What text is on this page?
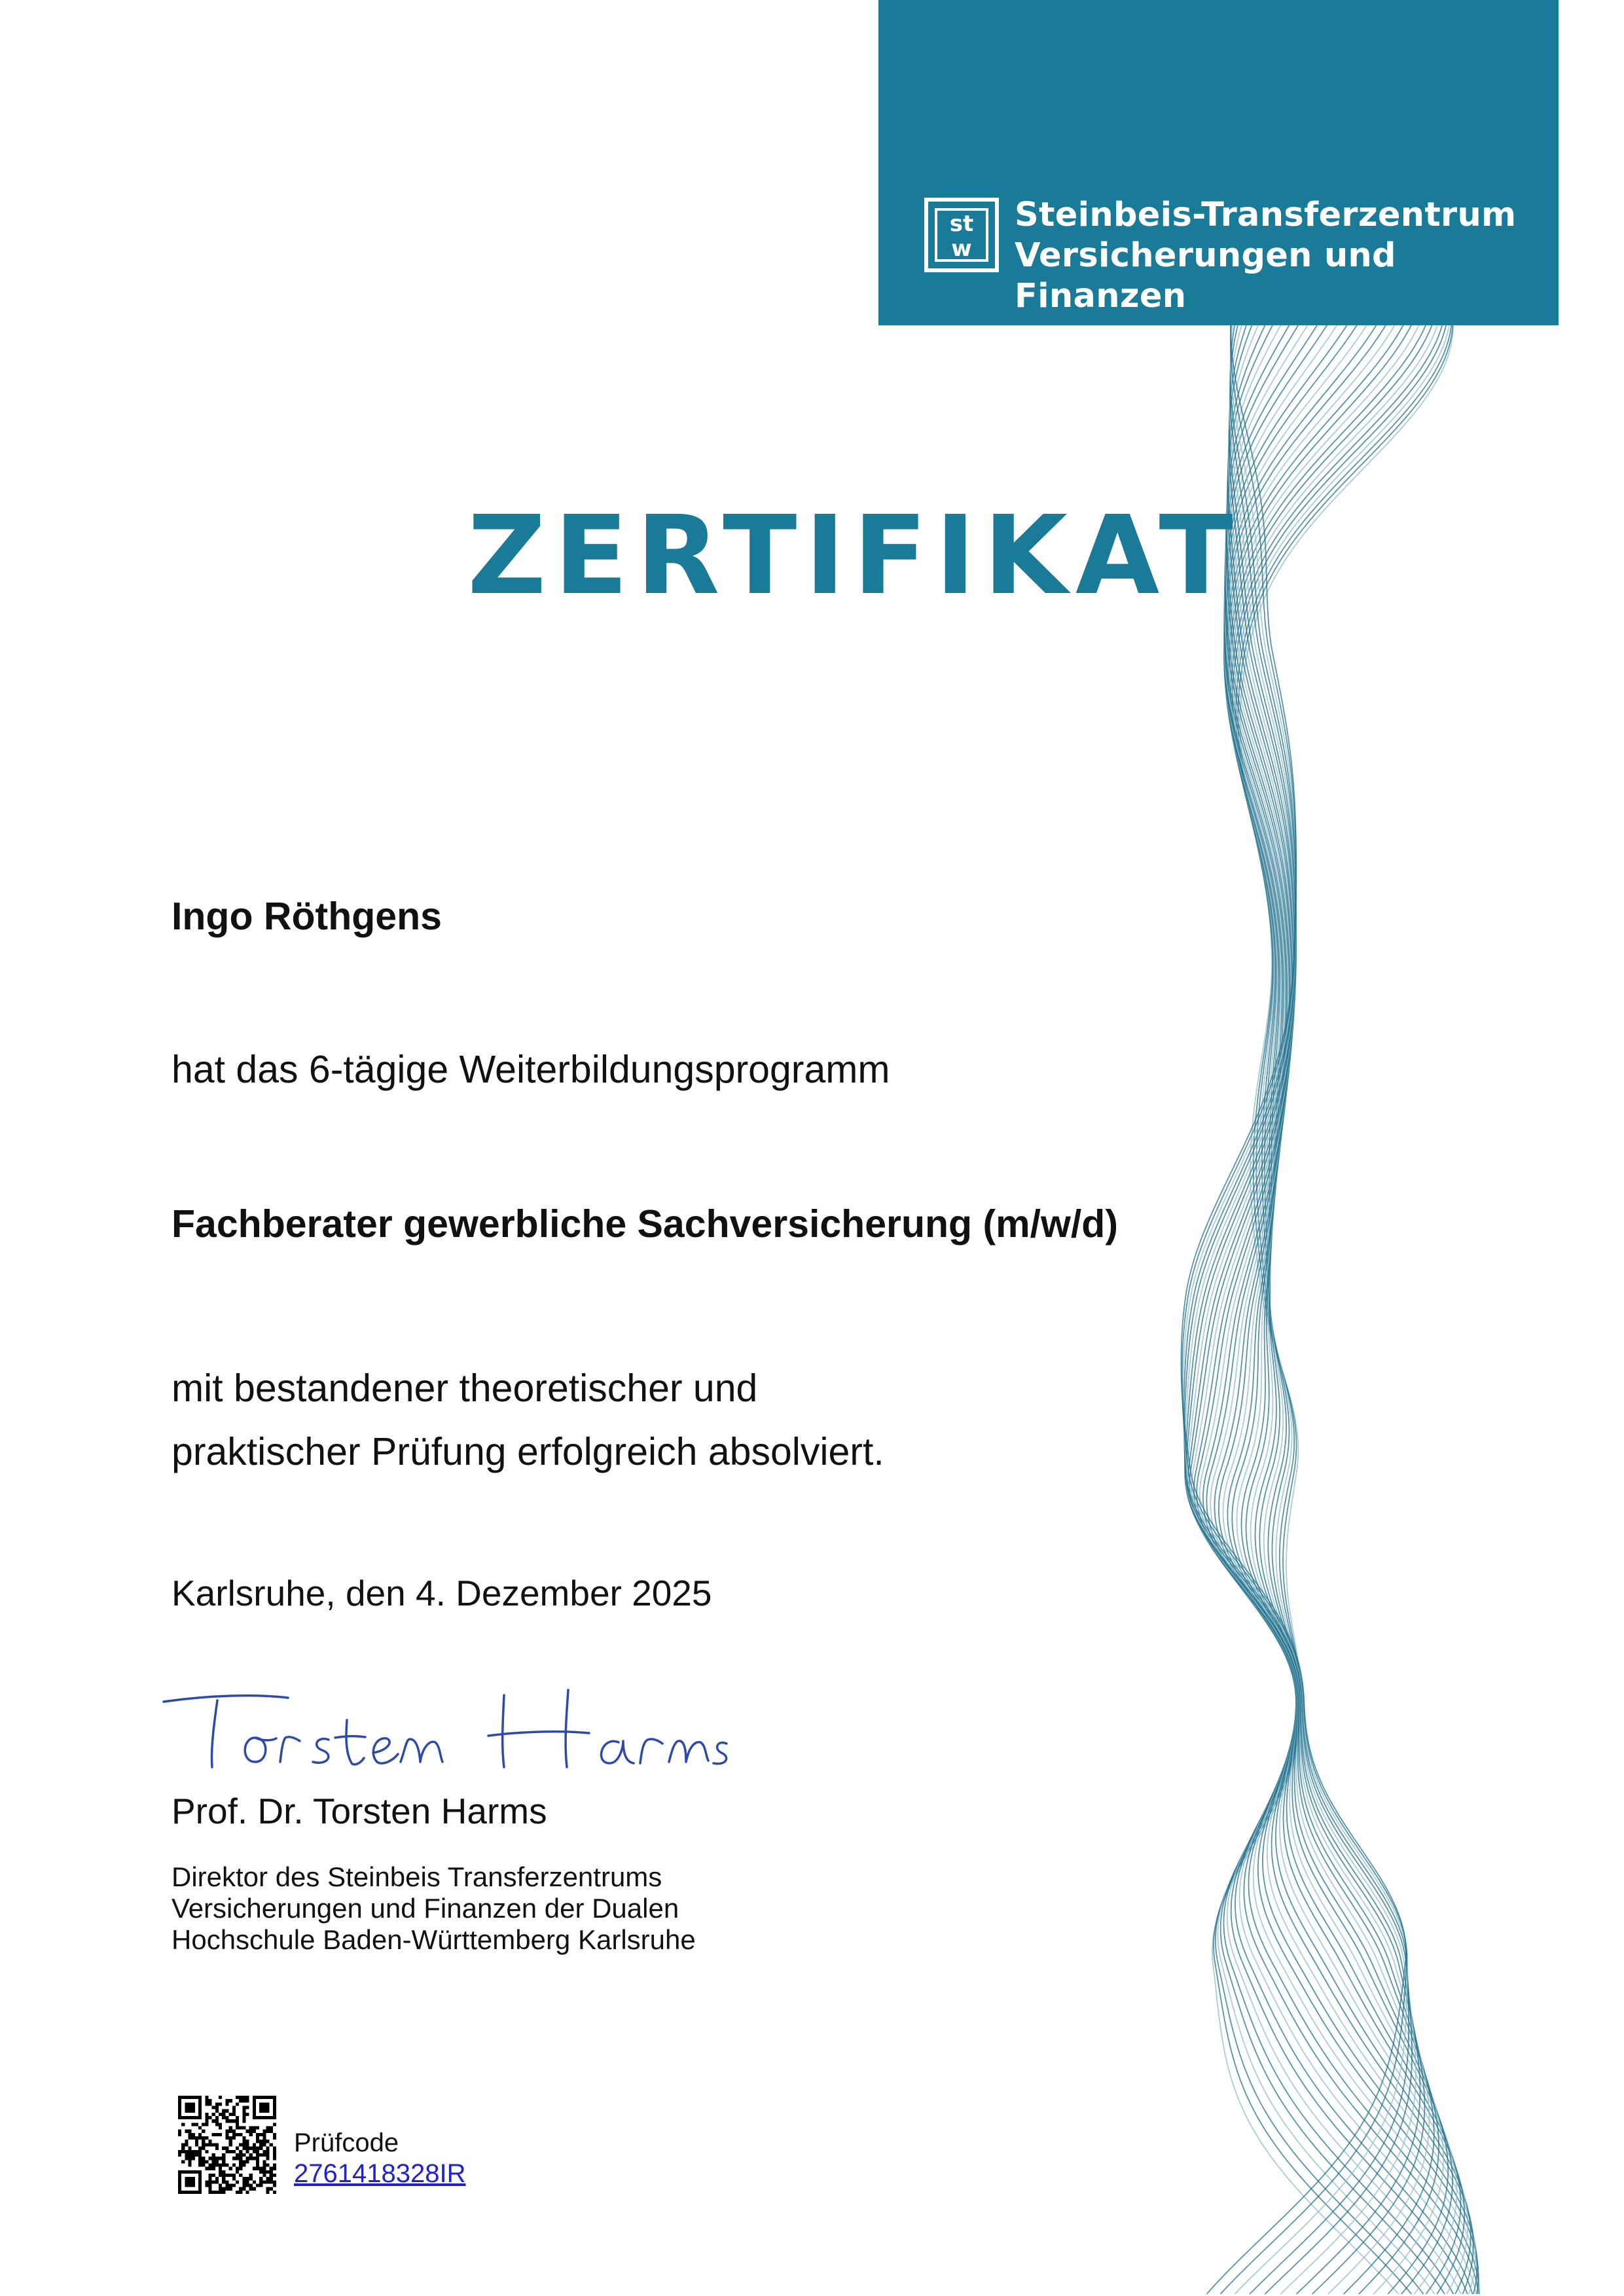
st
w
Steinbeis-Transferzentrum
Versicherungen und Finanzen
ZERTIFIKAT
Ingo Röthgens
hat das 6-tägige Weiterbildungsprogramm
Fachberater gewerbliche Sachversicherung (m/w/d)
mit bestandener theoretischer und
praktischer Prüfung erfolgreich absolviert.
Karlsruhe, den 4. Dezember 2025
Prof. Dr. Torsten Harms
Direktor des Steinbeis Transferzentrums
Versicherungen und Finanzen der Dualen
Hochschule Baden-Württemberg Karlsruhe
Prüfcode
2761418328IR
